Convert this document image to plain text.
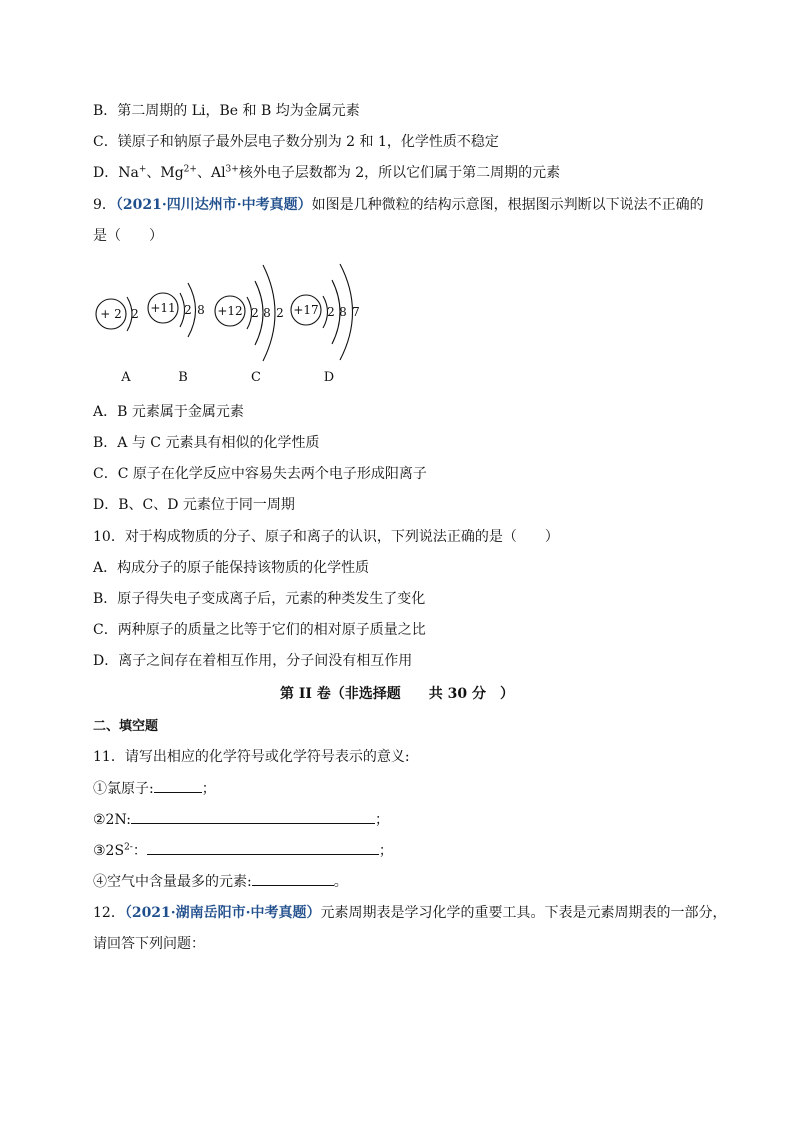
B．第二周期的 Li，Be 和 B 均为金属元素
C．镁原子和钠原子最外层电子数分别为 2 和 1，化学性质不稳定
D．Na+、$Mg^{2+}$、$Al^{3+}$核外电子层数都为 2，所以它们属于第二周期的元素
9．（2021·四川达州市·中考真题）如图是几种微粒的结构示意图，根据图示判断以下说法不正确的
是（　　）
+ 2 2 +11 2 8 +12 2 8 2 +17 2 8 7
A	B	C	D
A．B 元素属于金属元素
B．A 与 C 元素具有相似的化学性质
C．C 原子在化学反应中容易失去两个电子形成阳离子
D．B、C、D 元素位于同一周期
10．对于构成物质的分子、原子和离子的认识，下列说法正确的是（　　）
A．构成分子的原子能保持该物质的化学性质
B．原子得失电子变成离子后，元素的种类发生了变化
C．两种原子的质量之比等于它们的相对原子质量之比
D．离子之间存在着相互作用，分子间没有相互作用
第 II 卷（非选择题　　共 30 分　）
二、填空题
11．请写出相应的化学符号或化学符号表示的意义:
①氯原子:	；
②2N:	；
$③2S^{2-}$：	；
④空气中含量最多的元素:	。
12．（2021·湖南岳阳市·中考真题）元素周期表是学习化学的重要工具。下表是元素周期表的一部分，
请回答下列问题：
